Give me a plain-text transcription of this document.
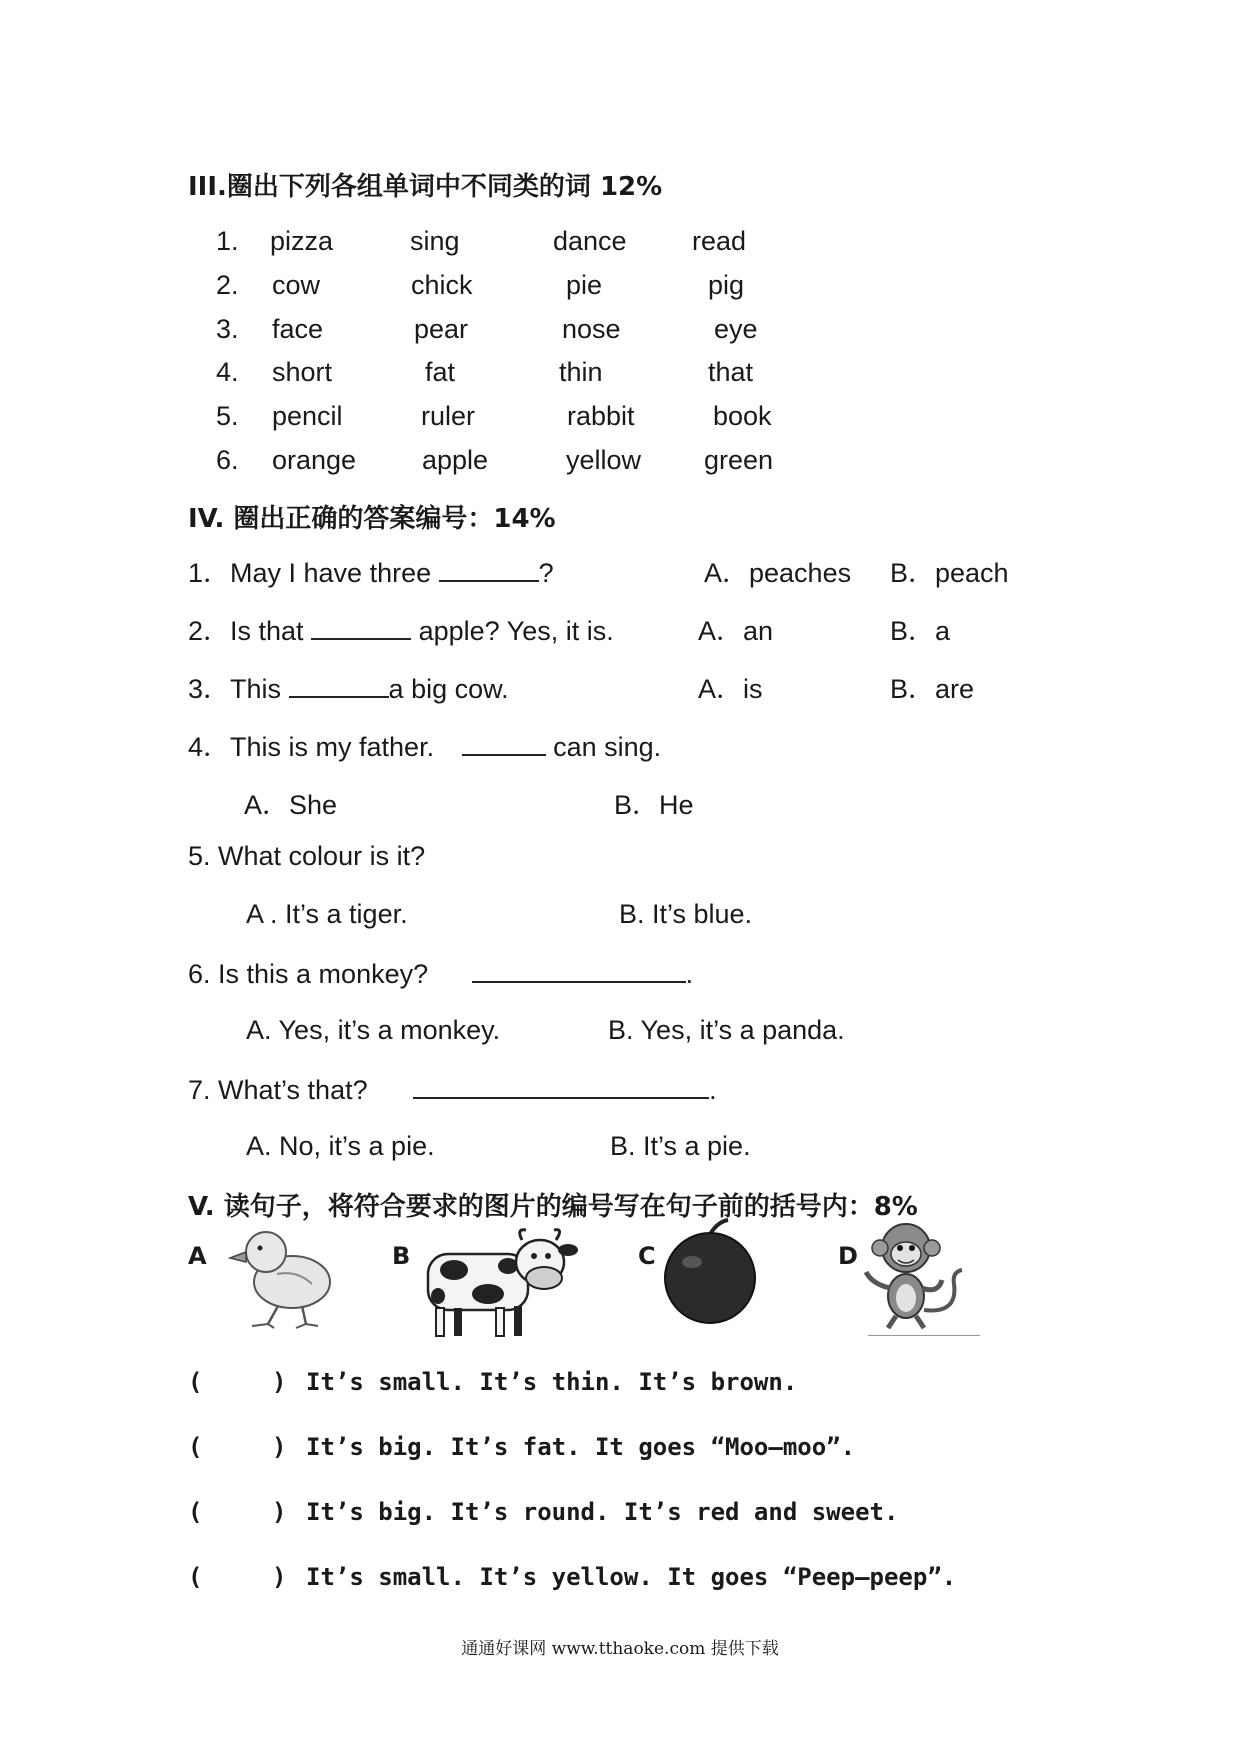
III.圈出下列各组单词中不同类的词 12%
1. pizza	sing	dance read
2. cow	chick	pie	pig
3. face	pear	nose	eye
4. short	fat	thin	that
5. pencil	ruler	rabbit	book
6. orange apple	yellow green
IV. 圈出正确的答案编号：14%
1．May I have three	?	A．peaches B．peach
2．Is that	apple? Yes, it is.	A．an	B．a
3．This	a big cow.	A．is	B．are
4．This is my father.	can sing.
A．She	B．He
5. What colour is it?
A . It’s a tiger.	B. It’s blue.
6. Is this a monkey?	.
A. Yes, it’s a monkey.	B. Yes, it’s a panda.
7. What’s that?	.
A. No, it’s a pie.	B. It’s a pie.
V. 读句子，将符合要求的图片的编号写在句子前的括号内：8%
A	B	C	D
(	) It’s small. It’s thin. It’s brown.
(	) It’s big. It’s fat. It goes “Moo—moo”.
(	) It’s big. It’s round. It’s red and sweet.
(	) It’s small. It’s yellow. It goes “Peep—peep”.
通通好课网 www.tthaoke.com 提供下载
